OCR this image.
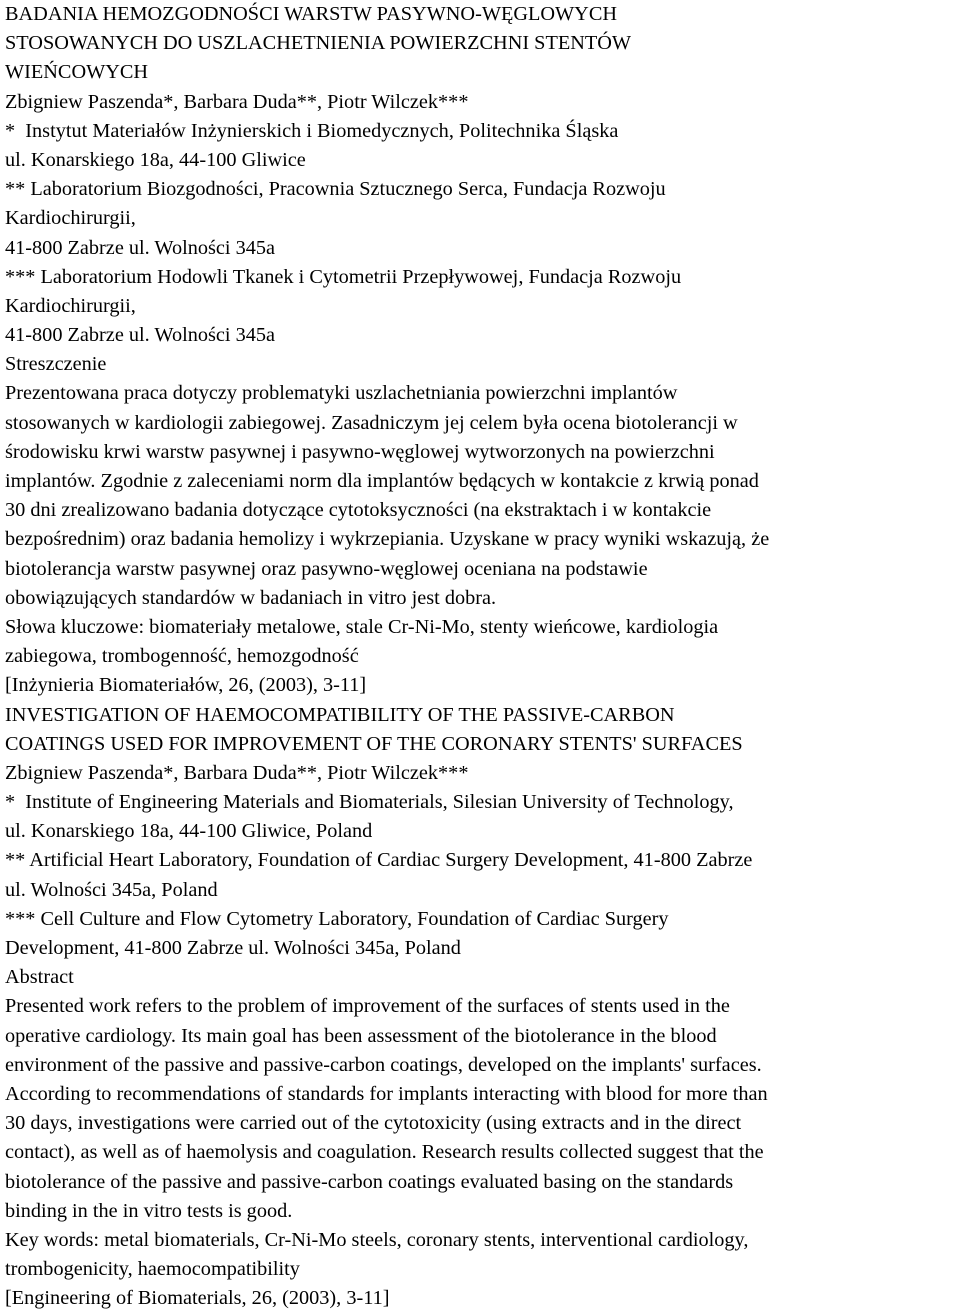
BADANIA HEMOZGODNOŚCI WARSTW PASYWNO-WĘGLOWYCH
STOSOWANYCH DO USZLACHETNIENIA POWIERZCHNI STENTÓW
WIEŃCOWYCH
Zbigniew Paszenda*, Barbara Duda**, Piotr Wilczek***
*  Instytut Materiałów Inżynierskich i Biomedycznych, Politechnika Śląska
ul. Konarskiego 18a, 44-100 Gliwice
** Laboratorium Biozgodności, Pracownia Sztucznego Serca, Fundacja Rozwoju
Kardiochirurgii,
41-800 Zabrze ul. Wolności 345a
*** Laboratorium Hodowli Tkanek i Cytometrii Przepływowej, Fundacja Rozwoju
Kardiochirurgii,
41-800 Zabrze ul. Wolności 345a
Streszczenie
Prezentowana praca dotyczy problematyki uszlachetniania powierzchni implantów
stosowanych w kardiologii zabiegowej. Zasadniczym jej celem była ocena biotolerancji w
środowisku krwi warstw pasywnej i pasywno-węglowej wytworzonych na powierzchni
implantów. Zgodnie z zaleceniami norm dla implantów będących w kontakcie z krwią ponad
30 dni zrealizowano badania dotyczące cytotoksyczności (na ekstraktach i w kontakcie
bezpośrednim) oraz badania hemolizy i wykrzepiania. Uzyskane w pracy wyniki wskazują, że
biotolerancja warstw pasywnej oraz pasywno-węglowej oceniana na podstawie
obowiązujących standardów w badaniach in vitro jest dobra.
Słowa kluczowe: biomateriały metalowe, stale Cr-Ni-Mo, stenty wieńcowe, kardiologia
zabiegowa, trombogenność, hemozgodność
[Inżynieria Biomateriałów, 26, (2003), 3-11]
INVESTIGATION OF HAEMOCOMPATIBILITY OF THE PASSIVE-CARBON
COATINGS USED FOR IMPROVEMENT OF THE CORONARY STENTS' SURFACES
Zbigniew Paszenda*, Barbara Duda**, Piotr Wilczek***
*  Institute of Engineering Materials and Biomaterials, Silesian University of Technology,
ul. Konarskiego 18a, 44-100 Gliwice, Poland
** Artificial Heart Laboratory, Foundation of Cardiac Surgery Development, 41-800 Zabrze
ul. Wolności 345a, Poland
*** Cell Culture and Flow Cytometry Laboratory, Foundation of Cardiac Surgery
Development, 41-800 Zabrze ul. Wolności 345a, Poland
Abstract
Presented work refers to the problem of improvement of the surfaces of stents used in the
operative cardiology. Its main goal has been assessment of the biotolerance in the blood
environment of the passive and passive-carbon coatings, developed on the implants' surfaces.
According to recommendations of standards for implants interacting with blood for more than
30 days, investigations were carried out of the cytotoxicity (using extracts and in the direct
contact), as well as of haemolysis and coagulation. Research results collected suggest that the
biotolerance of the passive and passive-carbon coatings evaluated basing on the standards
binding in the in vitro tests is good.
Key words: metal biomaterials, Cr-Ni-Mo steels, coronary stents, interventional cardiology,
trombogenicity, haemocompatibility
[Engineering of Biomaterials, 26, (2003), 3-11]
